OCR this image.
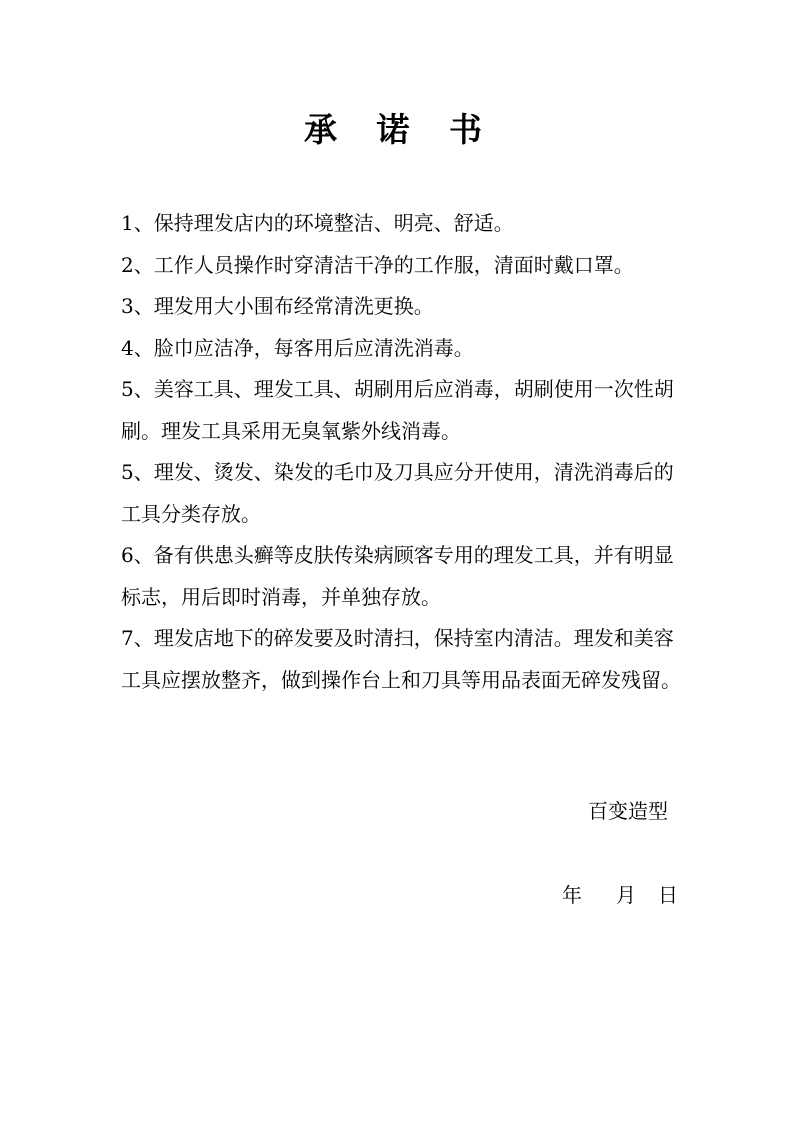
承 诺 书

1、保持理发店内的环境整洁、明亮、舒适。

2、工作人员操作时穿清洁干净的工作服，清面时戴口罩。

3、理发用大小围布经常清洗更换。

4、脸巾应洁净，每客用后应清洗消毒。

5、美容工具、理发工具、胡刷用后应消毒，胡刷使用一次性胡刷。理发工具采用无臭氧紫外线消毒。

5、理发、烫发、染发的毛巾及刀具应分开使用，清洗消毒后的工具分类存放。

6、备有供患头癣等皮肤传染病顾客专用的理发工具，并有明显标志，用后即时消毒，并单独存放。

7、理发店地下的碎发要及时清扫，保持室内清洁。理发和美容工具应摆放整齐，做到操作台上和刀具等用品表面无碎发残留。

百变造型
年 月 日
